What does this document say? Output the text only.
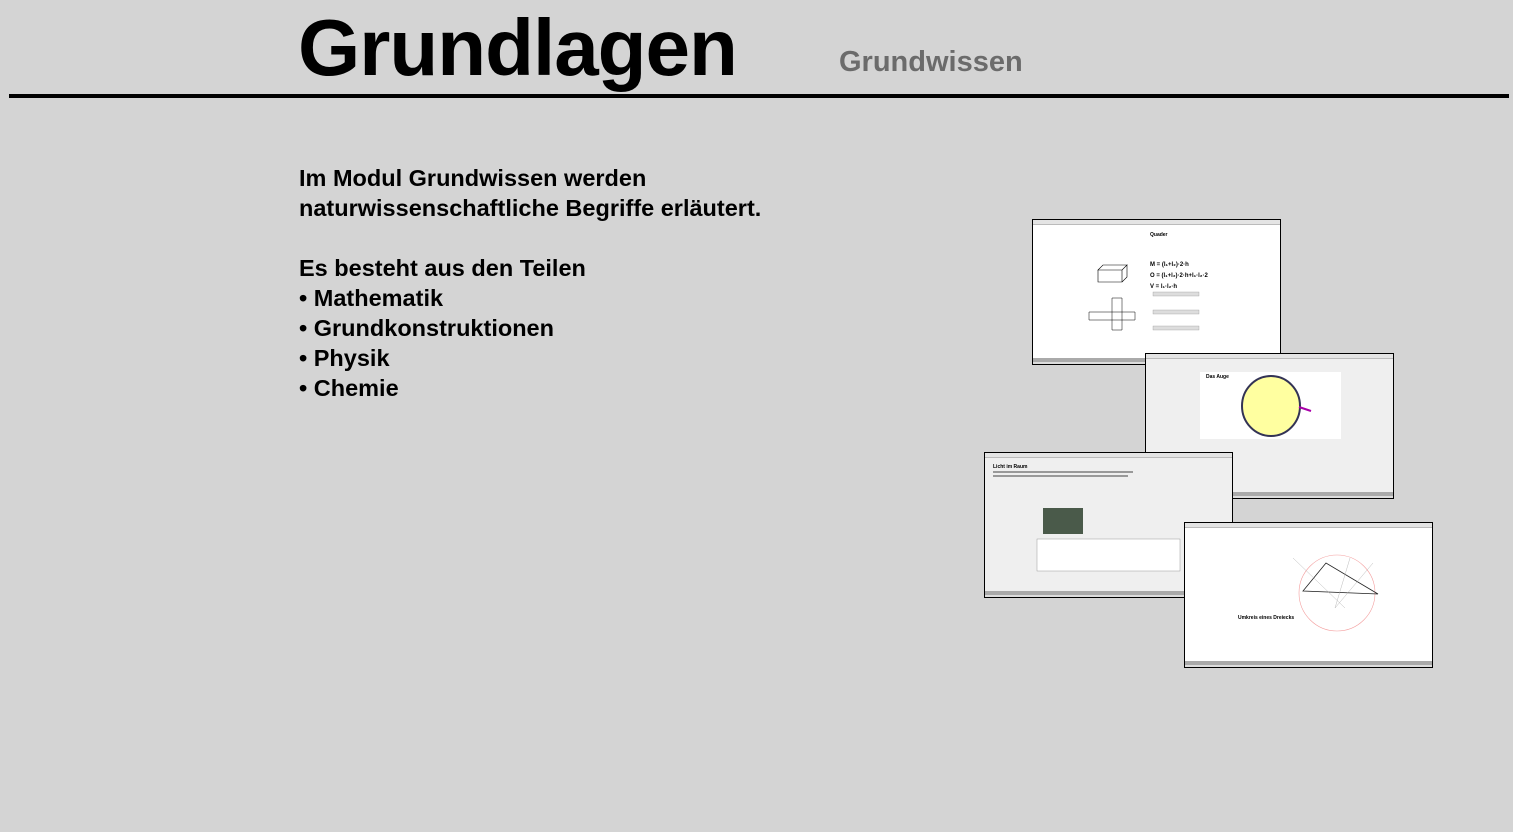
Grundlagen	Grundwissen
Im Modul Grundwissen werden
naturwissenschaftliche Begriffe erläutert.
Es besteht aus den Teilen
• Mathematik
• Grundkonstruktionen
• Physik
• Chemie
Quader
M = (l₁+l₂)·2·h
O = (l₁+l₂)·2·h+l₁·l₂·2
V = l₁·l₂·h
Das Auge
Licht im Raum
Umkreis eines Dreiecks
